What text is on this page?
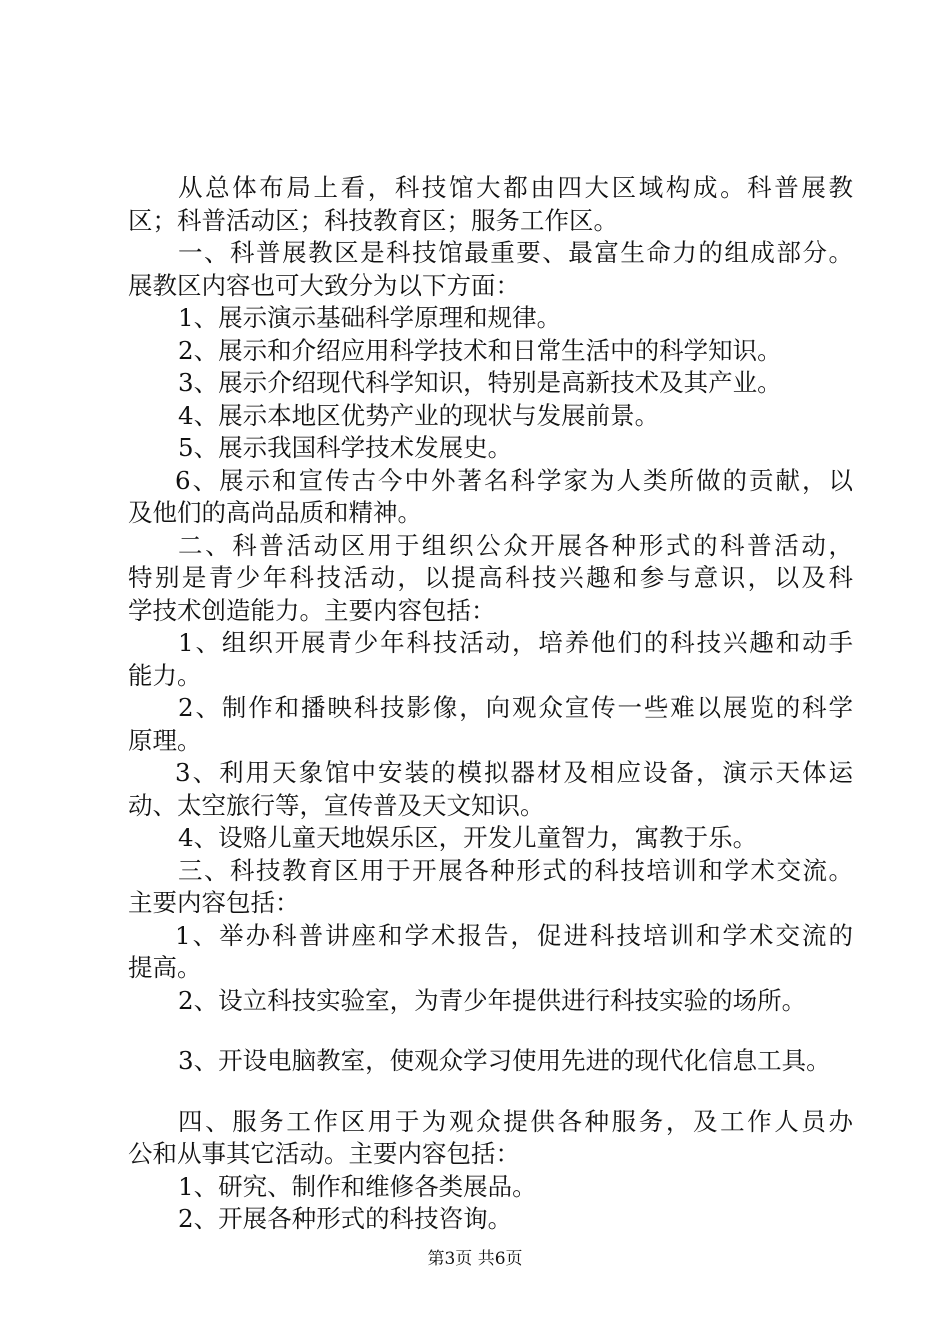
从总体布局上看，科技馆大都由四大区域构成。科普展教
区；科普活动区；科技教育区；服务工作区。
一、科普展教区是科技馆最重要、最富生命力的组成部分。
展教区内容也可大致分为以下方面：
1、展示演示基础科学原理和规律。
2、展示和介绍应用科学技术和日常生活中的科学知识。
3、展示介绍现代科学知识，特别是高新技术及其产业。
4、展示本地区优势产业的现状与发展前景。
5、展示我国科学技术发展史。
6、展示和宣传古今中外著名科学家为人类所做的贡献，以
及他们的高尚品质和精神。
二、科普活动区用于组织公众开展各种形式的科普活动，
特别是青少年科技活动，以提高科技兴趣和参与意识，以及科
学技术创造能力。主要内容包括：
1、组织开展青少年科技活动，培养他们的科技兴趣和动手
能力。
2、制作和播映科技影像，向观众宣传一些难以展览的科学
原理。
3、利用天象馆中安装的模拟器材及相应设备，演示天体运
动、太空旅行等，宣传普及天文知识。
4、设赂儿童天地娱乐区，开发儿童智力，寓教于乐。
三、科技教育区用于开展各种形式的科技培训和学术交流。
主要内容包括：
1、举办科普讲座和学术报告，促进科技培训和学术交流的
提高。
2、设立科技实验室，为青少年提供进行科技实验的场所。
3、开设电脑教室，使观众学习使用先进的现代化信息工具。
四、服务工作区用于为观众提供各种服务，及工作人员办
公和从事其它活动。主要内容包括：
1、研究、制作和维修各类展品。
2、开展各种形式的科技咨询。
第3页 共6页
